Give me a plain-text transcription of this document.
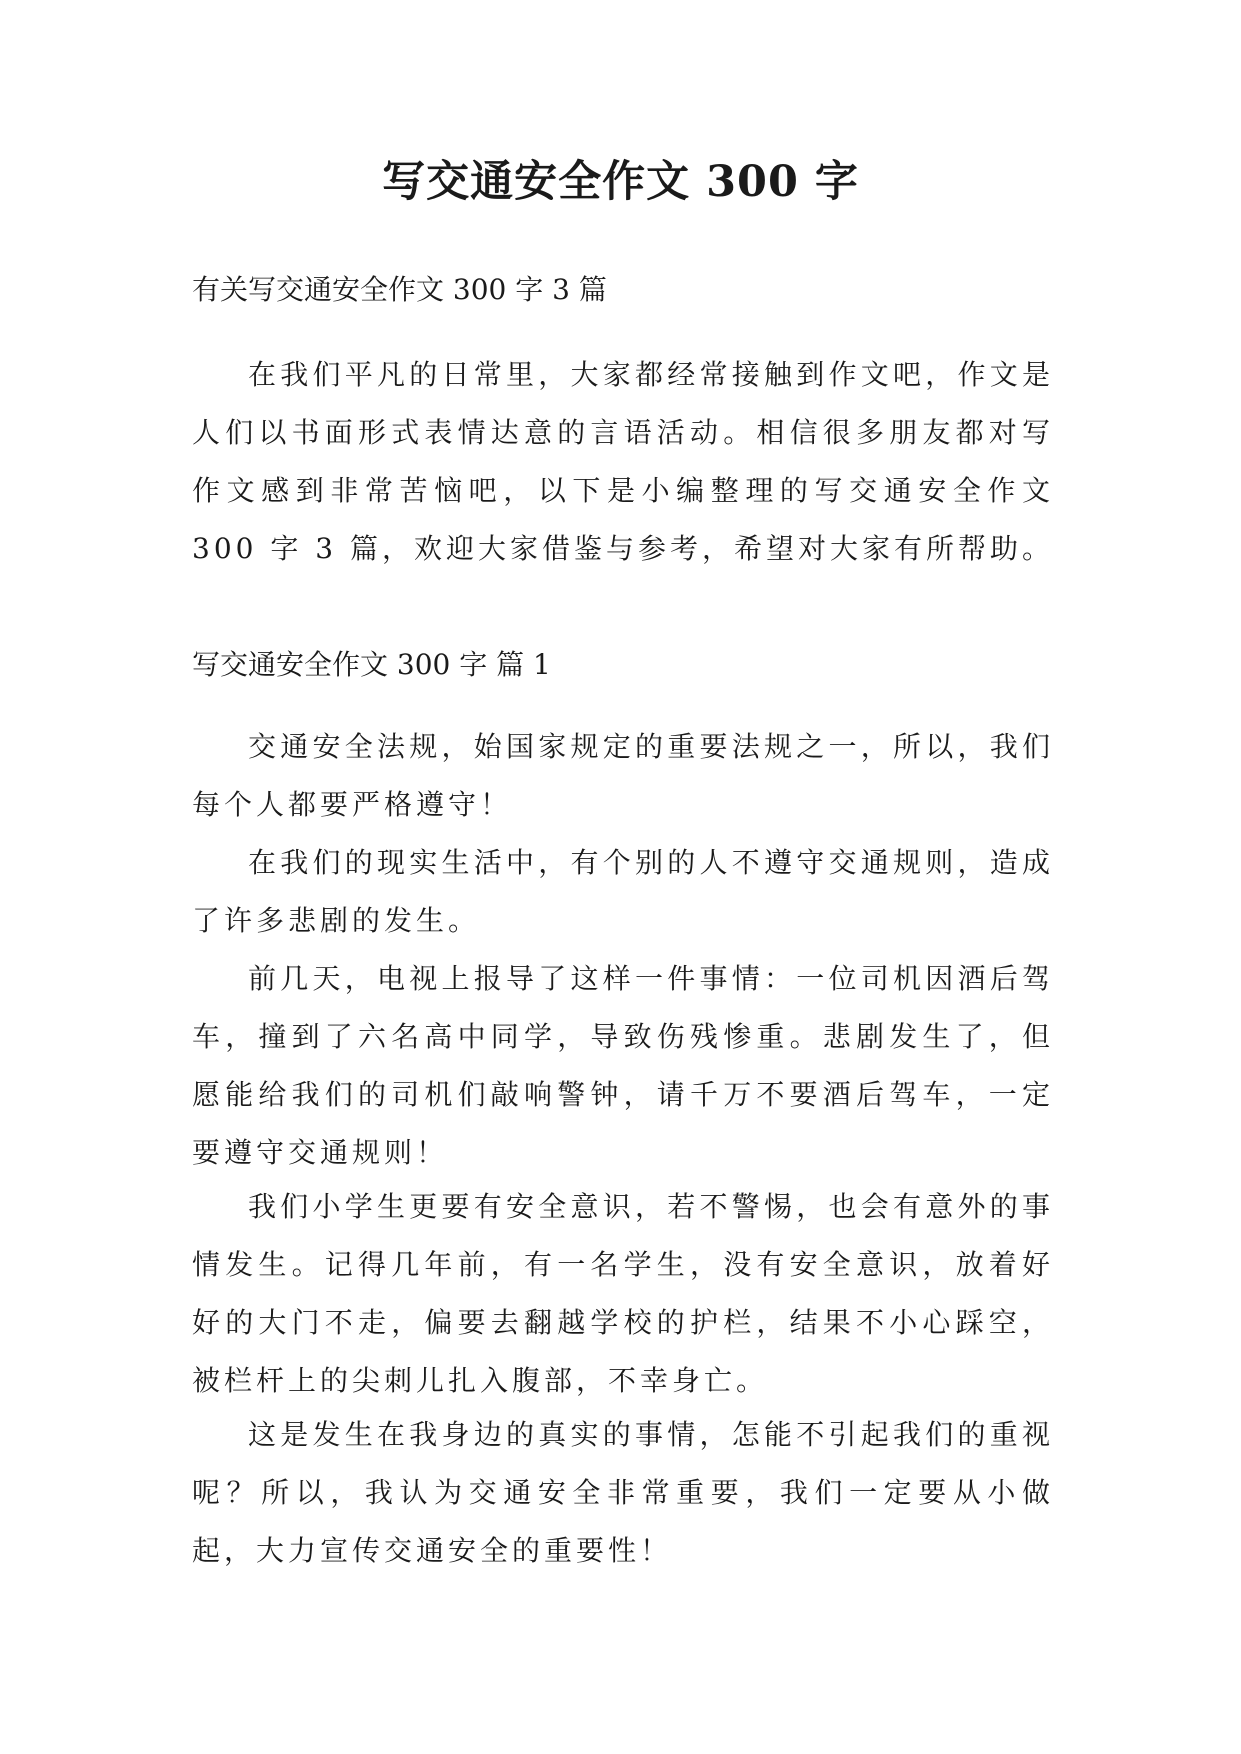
写交通安全作文 300 字

有关写交通安全作文 300 字 3 篇

在我们平凡的日常里，大家都经常接触到作文吧，作文是人们以书面形式表情达意的言语活动。相信很多朋友都对写作文感到非常苦恼吧，以下是小编整理的写交通安全作文 300 字 3 篇，欢迎大家借鉴与参考，希望对大家有所帮助。

写交通安全作文 300 字 篇 1

交通安全法规，始国家规定的重要法规之一，所以，我们每个人都要严格遵守！

在我们的现实生活中，有个别的人不遵守交通规则，造成了许多悲剧的发生。

前几天，电视上报导了这样一件事情：一位司机因酒后驾车，撞到了六名高中同学，导致伤残惨重。悲剧发生了，但愿能给我们的司机们敲响警钟，请千万不要酒后驾车，一定要遵守交通规则！

我们小学生更要有安全意识，若不警惕，也会有意外的事情发生。记得几年前，有一名学生，没有安全意识，放着好好的大门不走，偏要去翻越学校的护栏，结果不小心踩空，被栏杆上的尖刺儿扎入腹部，不幸身亡。

这是发生在我身边的真实的事情，怎能不引起我们的重视呢？所以，我认为交通安全非常重要，我们一定要从小做起，大力宣传交通安全的重要性！
